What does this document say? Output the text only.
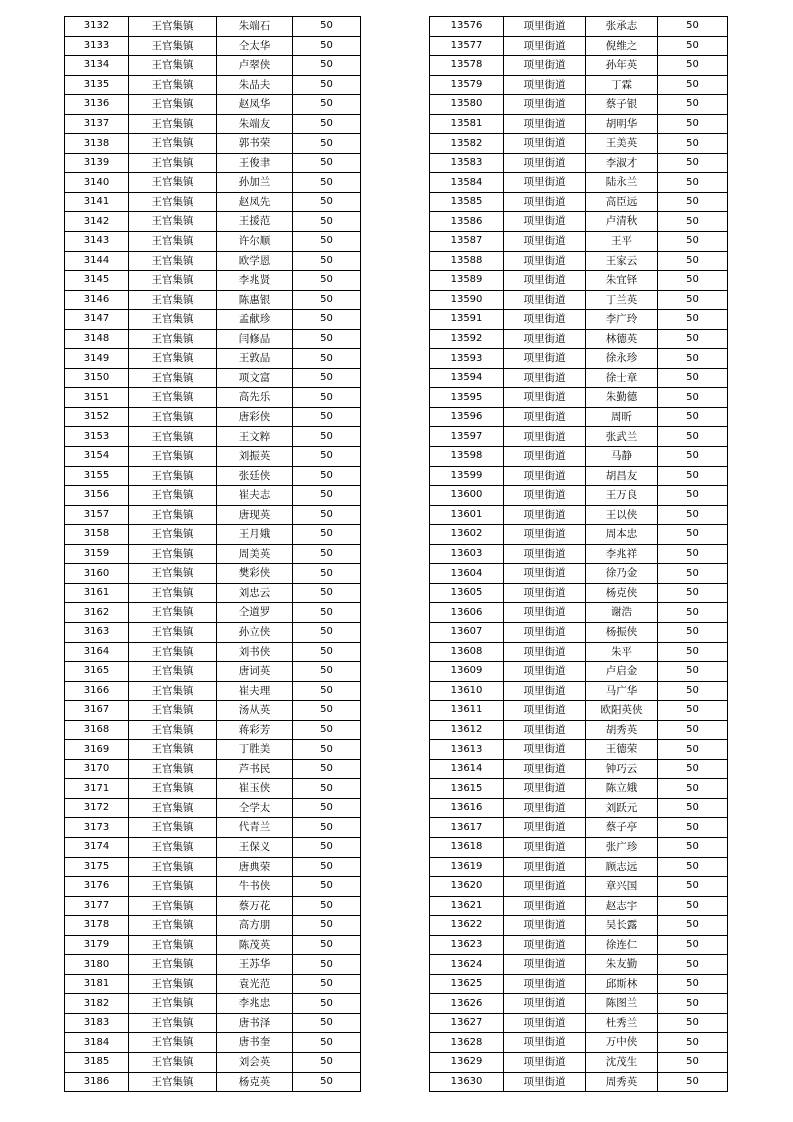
3132	王官集镇	朱端石	50
3133	王官集镇	仝太华	50
3134	王官集镇	卢翠侠	50
3135	王官集镇	朱品夫	50
3136	王官集镇	赵凤华	50
3137	王官集镇	朱端友	50
3138	王官集镇	郭书荣	50
3139	王官集镇	王俊聿	50
3140	王官集镇	孙加兰	50
3141	王官集镇	赵凤先	50
3142	王官集镇	王援范	50
3143	王官集镇	许尔顺	50
3144	王官集镇	欧学恩	50
3145	王官集镇	李兆贤	50
3146	王官集镇	陈惠银	50
3147	王官集镇	孟献珍	50
3148	王官集镇	闫修品	50
3149	王官集镇	王敦品	50
3150	王官集镇	项文富	50
3151	王官集镇	高先乐	50
3152	王官集镇	唐彩侠	50
3153	王官集镇	王文粹	50
3154	王官集镇	刘振英	50
3155	王官集镇	张廷侠	50
3156	王官集镇	崔夫志	50
3157	王官集镇	唐现英	50
3158	王官集镇	王月娥	50
3159	王官集镇	周美英	50
3160	王官集镇	樊彩侠	50
3161	王官集镇	刘忠云	50
3162	王官集镇	仝道罗	50
3163	王官集镇	孙立侠	50
3164	王官集镇	刘书侠	50
3165	王官集镇	唐词英	50
3166	王官集镇	崔夫理	50
3167	王官集镇	汤从英	50
3168	王官集镇	蒋彩芳	50
3169	王官集镇	丁胜美	50
3170	王官集镇	芦书民	50
3171	王官集镇	崔玉侠	50
3172	王官集镇	仝学太	50
3173	王官集镇	代青兰	50
3174	王官集镇	王保义	50
3175	王官集镇	唐典荣	50
3176	王官集镇	牛书侠	50
3177	王官集镇	蔡万花	50
3178	王官集镇	高方朋	50
3179	王官集镇	陈茂英	50
3180	王官集镇	王苏华	50
3181	王官集镇	袁光范	50
3182	王官集镇	李兆忠	50
3183	王官集镇	唐书泽	50
3184	王官集镇	唐书奎	50
3185	王官集镇	刘会英	50
3186	王官集镇	杨克英	50
13576	项里街道	张承志	50
13577	项里街道	倪维之	50
13578	项里街道	孙年英	50
13579	项里街道	丁霖	50
13580	项里街道	蔡子银	50
13581	项里街道	胡明华	50
13582	项里街道	王美英	50
13583	项里街道	李淑才	50
13584	项里街道	陆永兰	50
13585	项里街道	高臣远	50
13586	项里街道	卢清秋	50
13587	项里街道	王平	50
13588	项里街道	王家云	50
13589	项里街道	朱宜铎	50
13590	项里街道	丁兰英	50
13591	项里街道	李广玲	50
13592	项里街道	林德英	50
13593	项里街道	徐永珍	50
13594	项里街道	徐士章	50
13595	项里街道	朱勤德	50
13596	项里街道	周昕	50
13597	项里街道	张武兰	50
13598	项里街道	马静	50
13599	项里街道	胡昌友	50
13600	项里街道	王万良	50
13601	项里街道	王以侠	50
13602	项里街道	周本忠	50
13603	项里街道	李兆祥	50
13604	项里街道	徐乃金	50
13605	项里街道	杨克侠	50
13606	项里街道	谢浩	50
13607	项里街道	杨振侠	50
13608	项里街道	朱平	50
13609	项里街道	卢启金	50
13610	项里街道	马广华	50
13611	项里街道	欧阳英侠	50
13612	项里街道	胡秀英	50
13613	项里街道	王德荣	50
13614	项里街道	钟巧云	50
13615	项里街道	陈立娥	50
13616	项里街道	刘跃元	50
13617	项里街道	蔡子亭	50
13618	项里街道	张广珍	50
13619	项里街道	顾志远	50
13620	项里街道	章兴国	50
13621	项里街道	赵志宇	50
13622	项里街道	吴长露	50
13623	项里街道	徐连仁	50
13624	项里街道	朱友勤	50
13625	项里街道	邱斯林	50
13626	项里街道	陈图兰	50
13627	项里街道	杜秀兰	50
13628	项里街道	万中侠	50
13629	项里街道	沈茂生	50
13630	项里街道	周秀英	50
